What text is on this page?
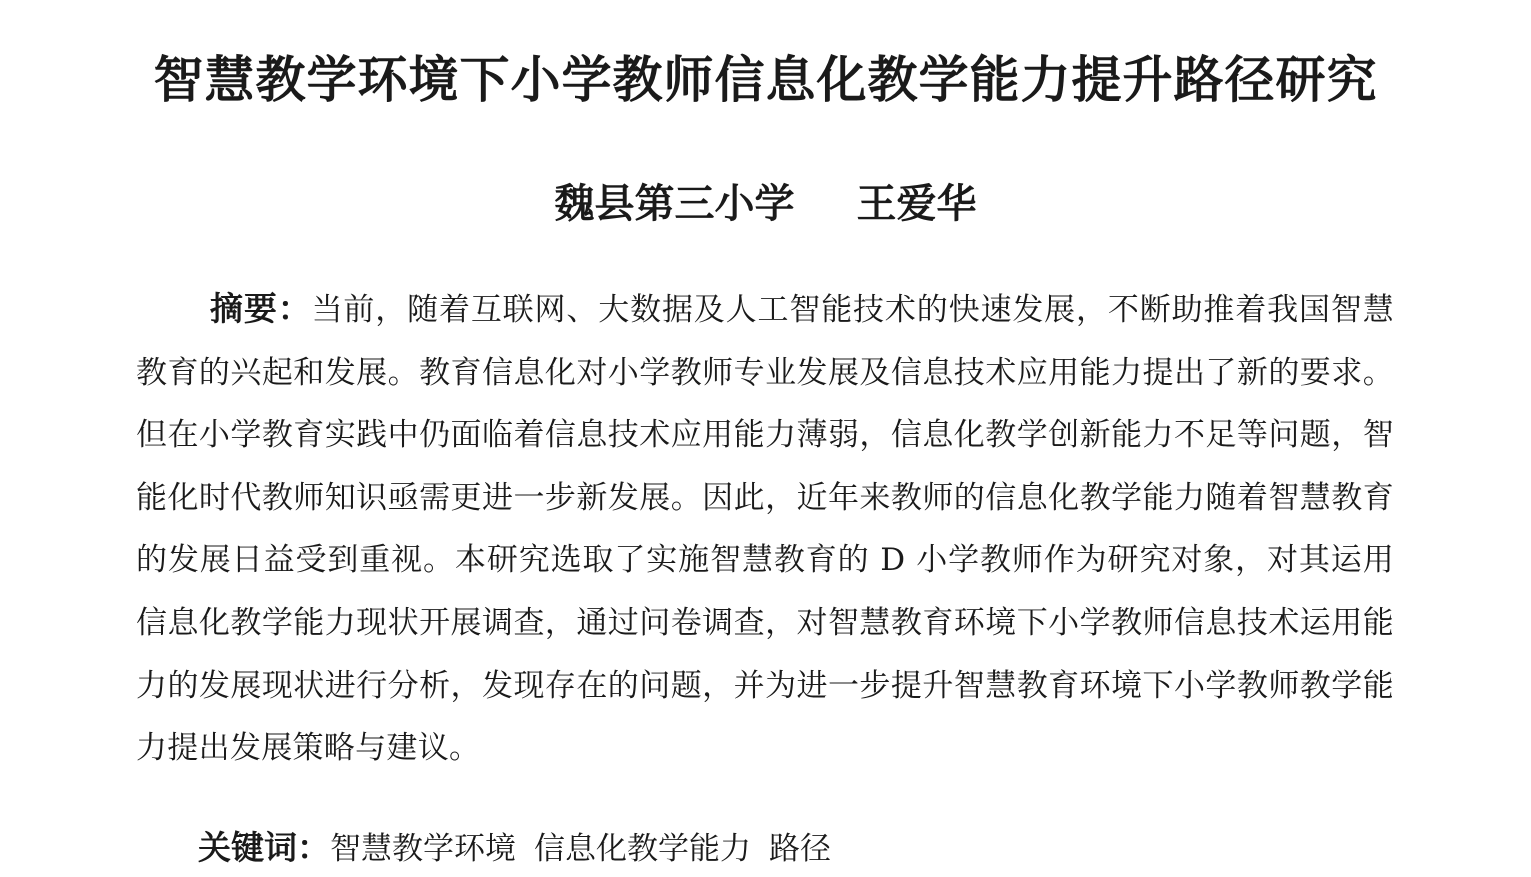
智慧教学环境下小学教师信息化教学能力提升路径研究
魏县第三小学 王爱华
摘要：当前，随着互联网、大数据及人工智能技术的快速发展，不断助推着我国智慧教育的兴起和发展。教育信息化对小学教师专业发展及信息技术应用能力提出了新的要求。但在小学教育实践中仍面临着信息技术应用能力薄弱，信息化教学创新能力不足等问题，智能化时代教师知识亟需更进一步新发展。因此，近年来教师的信息化教学能力随着智慧教育的发展日益受到重视。本研究选取了实施智慧教育的 D 小学教师作为研究对象，对其运用信息化教学能力现状开展调查，通过问卷调查，对智慧教育环境下小学教师信息技术运用能力的发展现状进行分析，发现存在的问题，并为进一步提升智慧教育环境下小学教师教学能力提出发展策略与建议。
关键词：智慧教学环境 信息化教学能力 路径
